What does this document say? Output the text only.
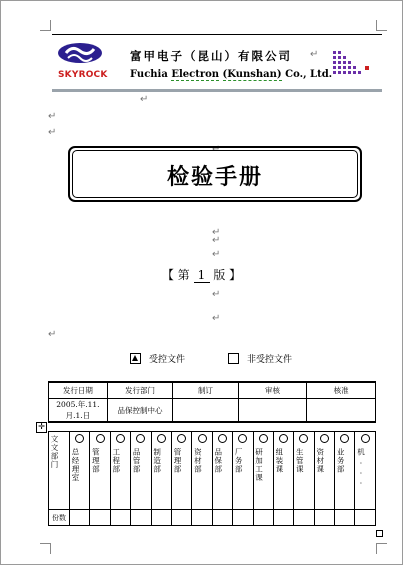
SKYROCK
富甲电子（昆山）有限公司
Fuchia Electron (Kunshan) Co., Ltd.
↵
↵
↵
↵
↵
检验手册
↵
↵
↵
【 第 1 版 】
↵
↵
↵
受控文件	非受控文件
发行日期	发行部门	制订	审核	核准
2005.年.11.月.1.日	品保控制中心			
✛
文文部门	总经理室	管理部	工程部	品管部	制造部	管理部	资材部	品保部	厂务部	研加工课	组装课	生管课	资材课	业务部	机...

份数															
